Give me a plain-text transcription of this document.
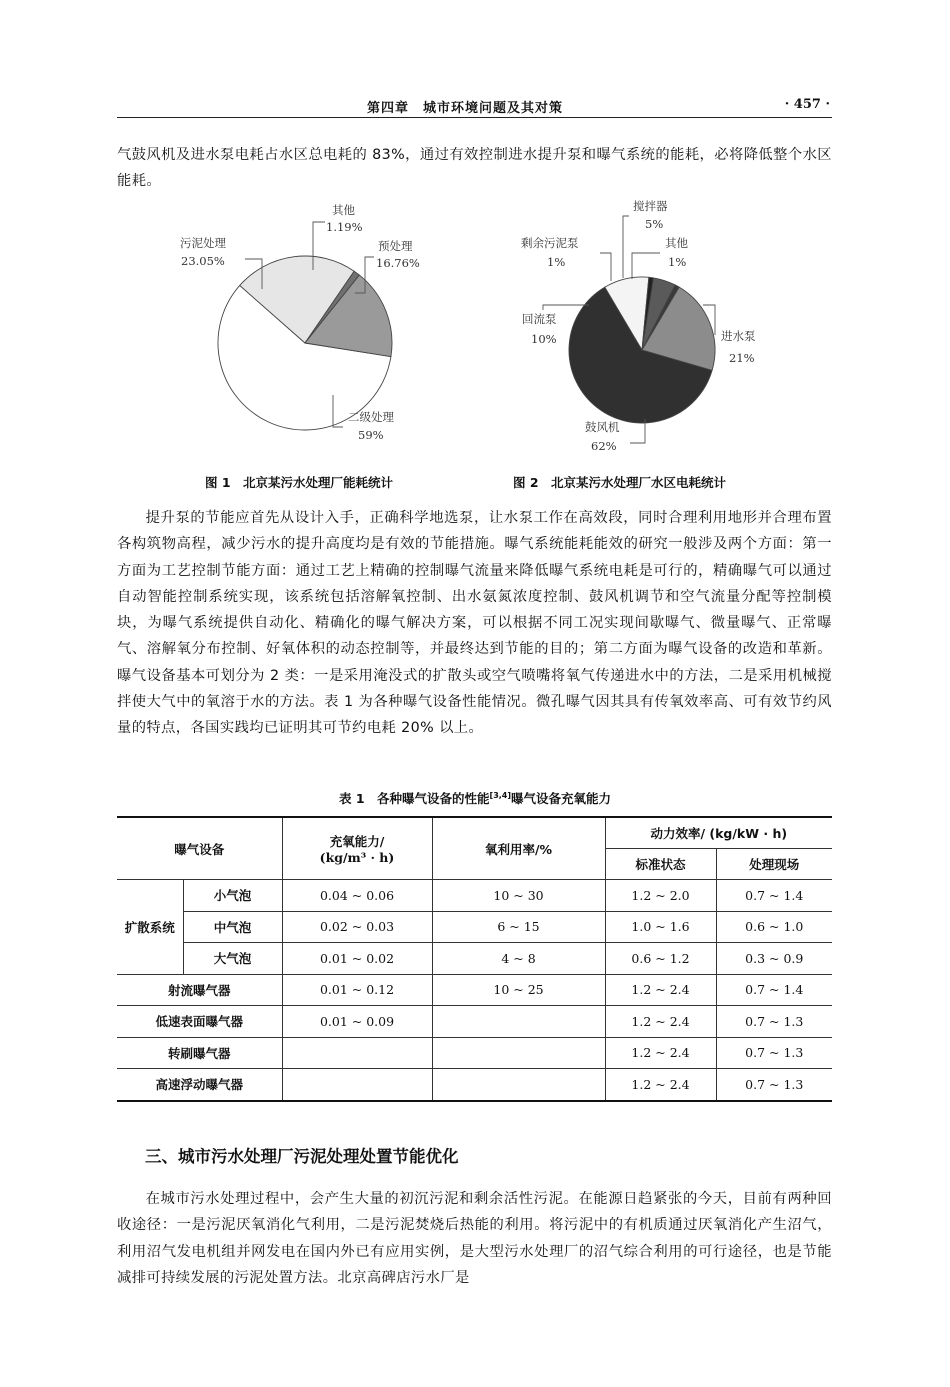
第四章　城市环境问题及其对策	· 457 ·
气鼓风机及进水泵电耗占水区总电耗的 83%，通过有效控制进水提升泵和曝气系统的能耗，必将降低整个水区能耗。
其他
1.19%
预处理
16.76%
污泥处理
23.05%
二级处理
59%
搅拌器
5%
其他
1%
剩余污泥泵
1%
回流泵
10%	进水泵
21%
鼓风机
62%
图 1　北京某污水处理厂能耗统计	图 2　北京某污水处理厂水区电耗统计
提升泵的节能应首先从设计入手，正确科学地选泵，让水泵工作在高效段，同时合理利用地形并合理布置各构筑物高程，减少污水的提升高度均是有效的节能措施。曝气系统能耗能效的研究一般涉及两个方面：第一方面为工艺控制节能方面：通过工艺上精确的控制曝气流量来降低曝气系统电耗是可行的，精确曝气可以通过自动智能控制系统实现，该系统包括溶解氧控制、出水氨氮浓度控制、鼓风机调节和空气流量分配等控制模块，为曝气系统提供自动化、精确化的曝气解决方案，可以根据不同工况实现间歇曝气、微量曝气、正常曝气、溶解氧分布控制、好氧体积的动态控制等，并最终达到节能的目的；第二方面为曝气设备的改造和革新。曝气设备基本可划分为 2 类：一是采用淹没式的扩散头或空气喷嘴将氧气传递进水中的方法，二是采用机械搅拌使大气中的氧溶于水的方法。表 1 为各种曝气设备性能情况。微孔曝气因其具有传氧效率高、可有效节约风量的特点，各国实践均已证明其可节约电耗 20% 以上。
表 1　各种曝气设备的性能[3,4]曝气设备充氧能力
曝气设备		充氧能力/
(kg/m³ · h)	氧利用率/%	动力效率/ (kg/kW · h)	
				标准状态	处理现场
扩散系统	小气泡	0.04 ~ 0.06	10 ~ 30	1.2 ~ 2.0	0.7 ~ 1.4
	中气泡	0.02 ~ 0.03	6 ~ 15	1.0 ~ 1.6	0.6 ~ 1.0
	大气泡	0.01 ~ 0.02	4 ~ 8	0.6 ~ 1.2	0.3 ~ 0.9
射流曝气器		0.01 ~ 0.12	10 ~ 25	1.2 ~ 2.4	0.7 ~ 1.4
低速表面曝气器		0.01 ~ 0.09		1.2 ~ 2.4	0.7 ~ 1.3
转刷曝气器				1.2 ~ 2.4	0.7 ~ 1.3
高速浮动曝气器				1.2 ~ 2.4	0.7 ~ 1.3
三、城市污水处理厂污泥处理处置节能优化
在城市污水处理过程中，会产生大量的初沉污泥和剩余活性污泥。在能源日趋紧张的今天，目前有两种回收途径：一是污泥厌氧消化气利用，二是污泥焚烧后热能的利用。将污泥中的有机质通过厌氧消化产生沼气，利用沼气发电机组并网发电在国内外已有应用实例，是大型污水处理厂的沼气综合利用的可行途径，也是节能减排可持续发展的污泥处置方法。北京高碑店污水厂是
